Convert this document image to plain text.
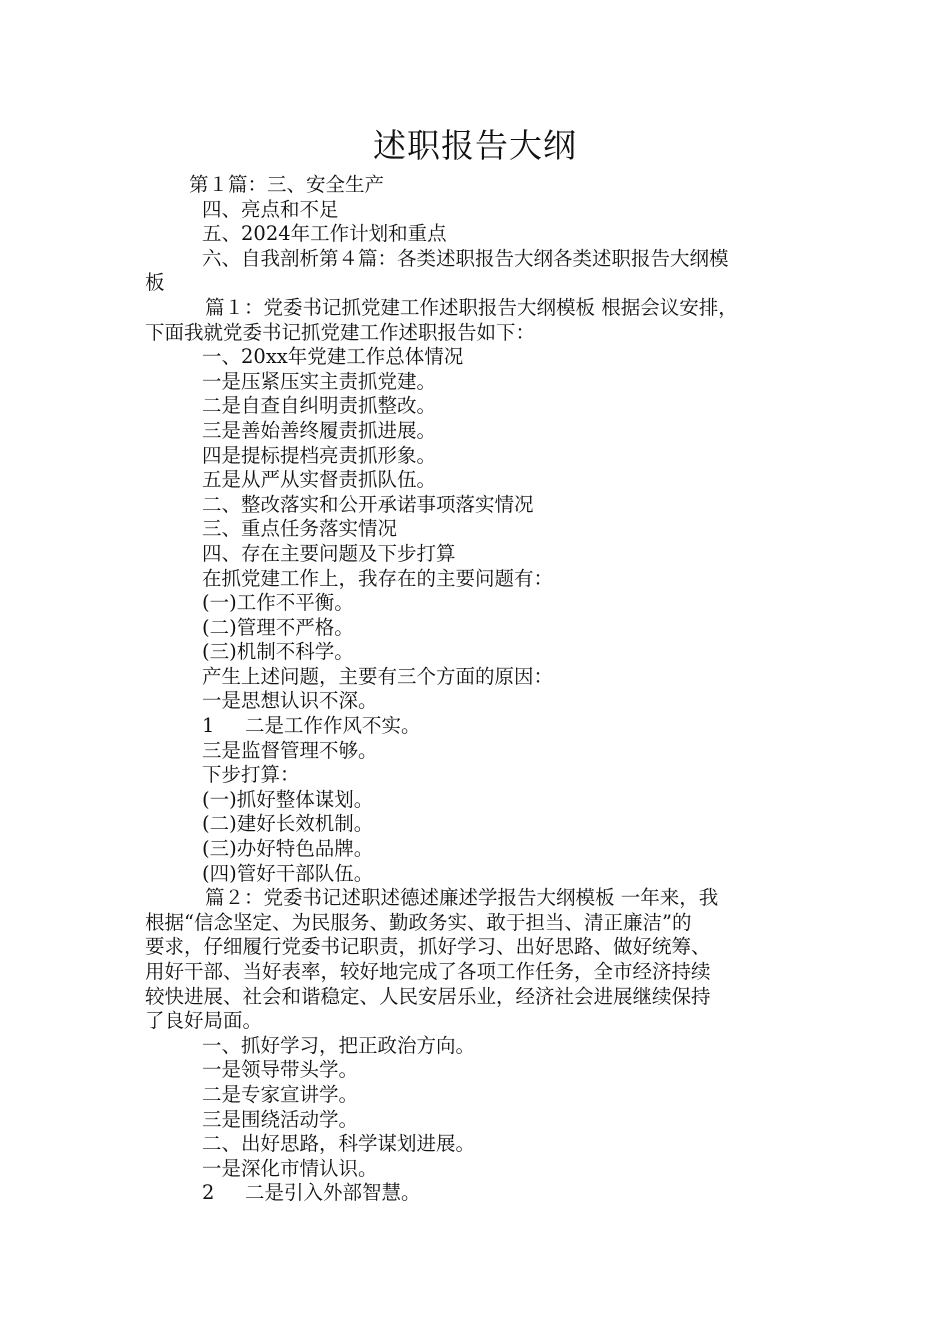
述职报告大纲
第１篇：三、安全生产
四、亮点和不足
五、2024年工作计划和重点
六、自我剖析第４篇：各类述职报告大纲各类述职报告大纲模
板
篇１：党委书记抓党建工作述职报告大纲模板 根据会议安排，
下面我就党委书记抓党建工作述职报告如下：
一、20xx年党建工作总体情况
一是压紧压实主责抓党建。
二是自查自纠明责抓整改。
三是善始善终履责抓进展。
四是提标提档亮责抓形象。
五是从严从实督责抓队伍。
二、整改落实和公开承诺事项落实情况
三、重点任务落实情况
四、存在主要问题及下步打算
在抓党建工作上，我存在的主要问题有：
(一)工作不平衡。
(二)管理不严格。
(三)机制不科学。
产生上述问题，主要有三个方面的原因：
一是思想认识不深。
1 二是工作作风不实。
三是监督管理不够。
下步打算：
(一)抓好整体谋划。
(二)建好长效机制。
(三)办好特色品牌。
(四)管好干部队伍。
篇２：党委书记述职述德述廉述学报告大纲模板 一年来，我
根据“信念坚定、为民服务、勤政务实、敢于担当、清正廉洁”的
要求，仔细履行党委书记职责，抓好学习、出好思路、做好统筹、
用好干部、当好表率，较好地完成了各项工作任务，全市经济持续
较快进展、社会和谐稳定、人民安居乐业，经济社会进展继续保持
了良好局面。
一、抓好学习，把正政治方向。
一是领导带头学。
二是专家宣讲学。
三是围绕活动学。
二、出好思路，科学谋划进展。
一是深化市情认识。
2 二是引入外部智慧。
